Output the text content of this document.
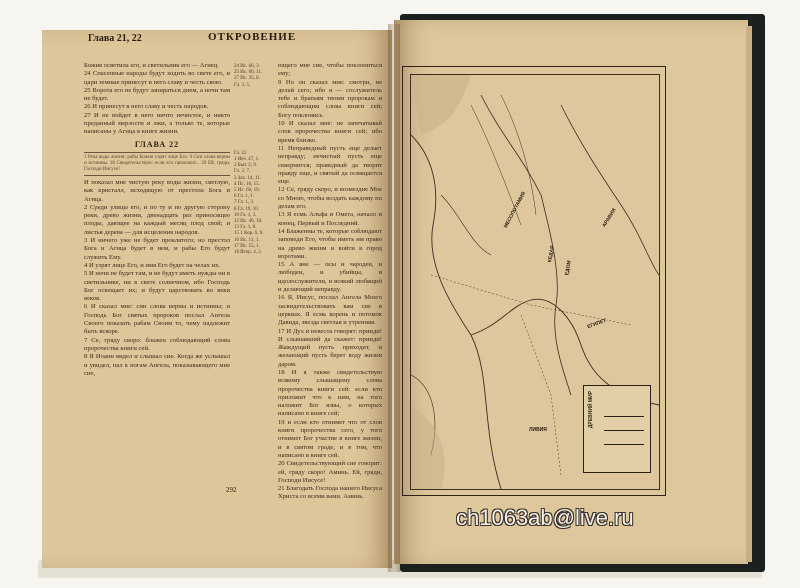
Глава 21, 22	ОТКРОВЕНИЕ

Божия осветила его, и светильник его — Агнец.

24 Спасенные народы будут ходить во свете его, и цари земные принесут в него славу и честь свою.

25 Ворота его не будут запираться днем, а ночи там не будет.

26 И принесут в него славу и честь народов.

27 И не войдет в него ничто нечистое, и никто преданный мерзости и лжи, а только те, которые написаны у Агнца в книге жизни.

ГЛАВА 22
1 Река воды жизни; рабы Божии узрят лице Его. 6 Сии слова верны и истинны. 18 Свидетельствую: если кто приложит... 20 Ей, гряди, Господи Иисусе!

И показал мне чистую реку воды жизни, светлую, как кристалл, исходящую от престола Бога и Агнца.

2 Среди улицы его, и по ту и по другую сторону реки, древо жизни, двенадцать раз приносящее плоды, дающее на каждый месяц плод свой; и листья дерева — для исцеления народов.

3 И ничего уже не будет проклятого; но престол Бога и Агнца будет в нем, и рабы Его будут служить Ему.

4 И узрят лице Его, и имя Его будет на челах их.

5 И ночи не будет там, и не будут иметь нужды ни в светильнике, ни в свете солнечном, ибо Господь Бог освещает их; и будут царствовать во веки веков.

6 И сказал мне: сии слова верны и истинны; и Господь Бог святых пророков послал Ангела Своего показать рабам Своим то, чему надлежит быть вскоре.

7 Се, гряду скоро: блажен соблюдающий слова пророчества книги сей.

8 Я Иоанн видел и слышал сие. Когда же услышал и увидел, пал к ногам Ангела, показывающего мне сие,

24 Ис. 60, 3.
25 Ис. 60, 11.
27 Ис. 35, 8.
Гл. 3, 5.
Гл. 22
1 Иез. 47, 1.
2 Быт. 2, 9.
Гл. 2, 7.
3 Зах. 14, 11.
4 Пс. 16, 15.
5 Ис. 60, 19.
6 Гл. 1, 1.
7 Гл. 1, 3.
8 Гл. 19, 10.
10 Гл. 1, 3.
12 Ис. 40, 10.
13 Гл. 1, 8.
15 1 Кор. 6, 9.
16 Ис. 11, 1.
17 Ис. 55, 1.
18 Втор. 4, 2.

ющего мне сие, чтобы поклониться ему;

9 Но он сказал мне: смотри, не делай сего; ибо я — сослужитель тебе и братьям твоим пророкам и соблюдающим слова книги сей; Богу поклонись.

10 И сказал мне: не запечатывай слов пророчества книги сей; ибо время близко.

11 Неправедный пусть еще делает неправду; нечистый пусть еще сквернится; праведный да творит правду еще, и святый да освящается еще.

12 Се, гряду скоро, и возмездие Мое со Мною, чтобы воздать каждому по делам его.

13 Я есмь Альфа и Омега, начало и конец, Первый и Последний.

14 Блаженны те, которые соблюдают заповеди Его, чтобы иметь им право на древо жизни и войти в город воротами.

15 А вне — псы и чародеи, и любодеи, и убийцы, и идолослужители, и всякий любящий и делающий неправду.

16 Я, Иисус, послал Ангела Моего засвидетельствовать вам сие в церквах. Я есмь корень и потомок Давида, звезда светлая и утренняя.

17 И Дух и невеста говорят: прииди! И слышавший да скажет: прииди! Жаждущий пусть приходит, и желающий пусть берет воду жизни даром.

18 И я также свидетельствую всякому слышащему слова пророчества книги сей: если кто приложит что к ним, на того наложит Бог язвы, о которых написано в книге сей;

19 и если кто отнимет что от слов книги пророчества сего, у того отнимет Бог участие в книге жизни, и в святом граде, и в том, что написано в книге сей.

20 Свидетельствующий сие говорит: ей, гряду скоро! Аминь. Ей, гряди, Господи Иисусе!

21 Благодать Господа нашего Иисуса Христа со всеми вами. Аминь.

292
МЕСОПОТАМИЯ	АРАВИЯ
ЕГИПЕТ
ЛИВИЯ
ЕДОМ
КЕДАР
ДРЕВНИЙ МИР
ch1063ab@live.ru
